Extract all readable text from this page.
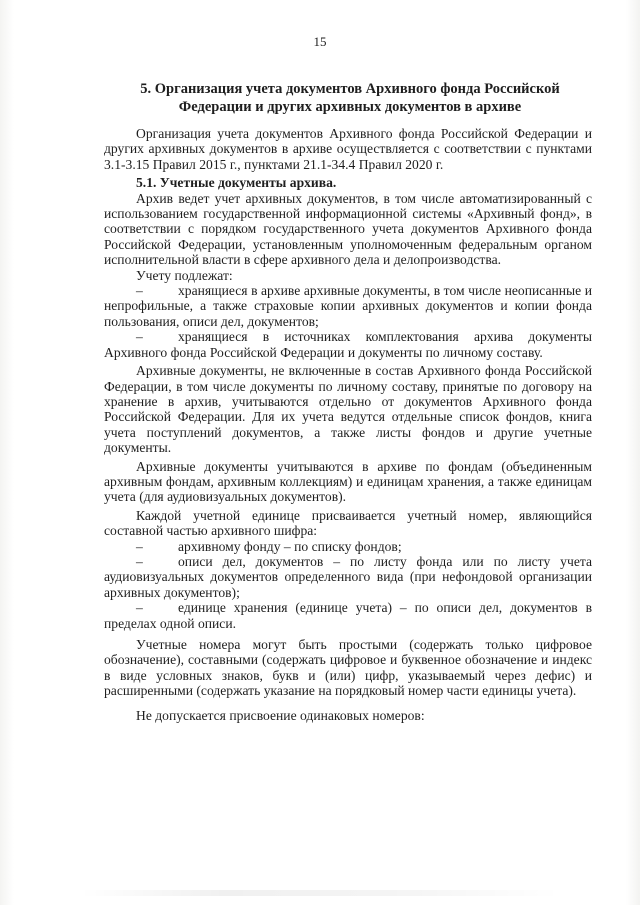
15
5. Организация учета документов Архивного фонда Российской Федерации и других архивных документов в архиве

Организация учета документов Архивного фонда Российской Федерации и других архивных документов в архиве осуществляется с соответствии с пунктами 3.1-3.15 Правил 2015 г., пунктами 21.1-34.4 Правил 2020 г.

5.1. Учетные документы архива.

Архив ведет учет архивных документов, в том числе автоматизированный с использованием государственной информационной системы «Архивный фонд», в соответствии с порядком государственного учета документов Архивного фонда Российской Федерации, установленным уполномоченным федеральным органом исполнительной власти в сфере архивного дела и делопроизводства.

Учету подлежат:

–	хранящиеся в архиве архивные документы, в том числе неописанные и непрофильные, а также страховые копии архивных документов и копии фонда пользования, описи дел, документов;

–	хранящиеся в источниках комплектования архива документы Архивного фонда Российской Федерации и документы по личному составу.

Архивные документы, не включенные в состав Архивного фонда Российской Федерации, в том числе документы по личному составу, принятые по договору на хранение в архив, учитываются отдельно от документов Архивного фонда Российской Федерации. Для их учета ведутся отдельные список фондов, книга учета поступлений документов, а также листы фондов и другие учетные документы.

Архивные документы учитываются в архиве по фондам (объединенным архивным фондам, архивным коллекциям) и единицам хранения, а также единицам учета (для аудиовизуальных документов).

Каждой учетной единице присваивается учетный номер, являющийся составной частью архивного шифра:

–	архивному фонду – по списку фондов;

–	описи дел, документов – по листу фонда или по листу учета аудиовизуальных документов определенного вида (при нефондовой организации архивных документов);

–	единице хранения (единице учета) – по описи дел, документов в пределах одной описи.

Учетные номера могут быть простыми (содержать только цифровое обозначение), составными (содержать цифровое и буквенное обозначение и индекс в виде условных знаков, букв и (или) цифр, указываемый через дефис) и расширенными (содержать указание на порядковый номер части единицы учета).

Не допускается присвоение одинаковых номеров:
